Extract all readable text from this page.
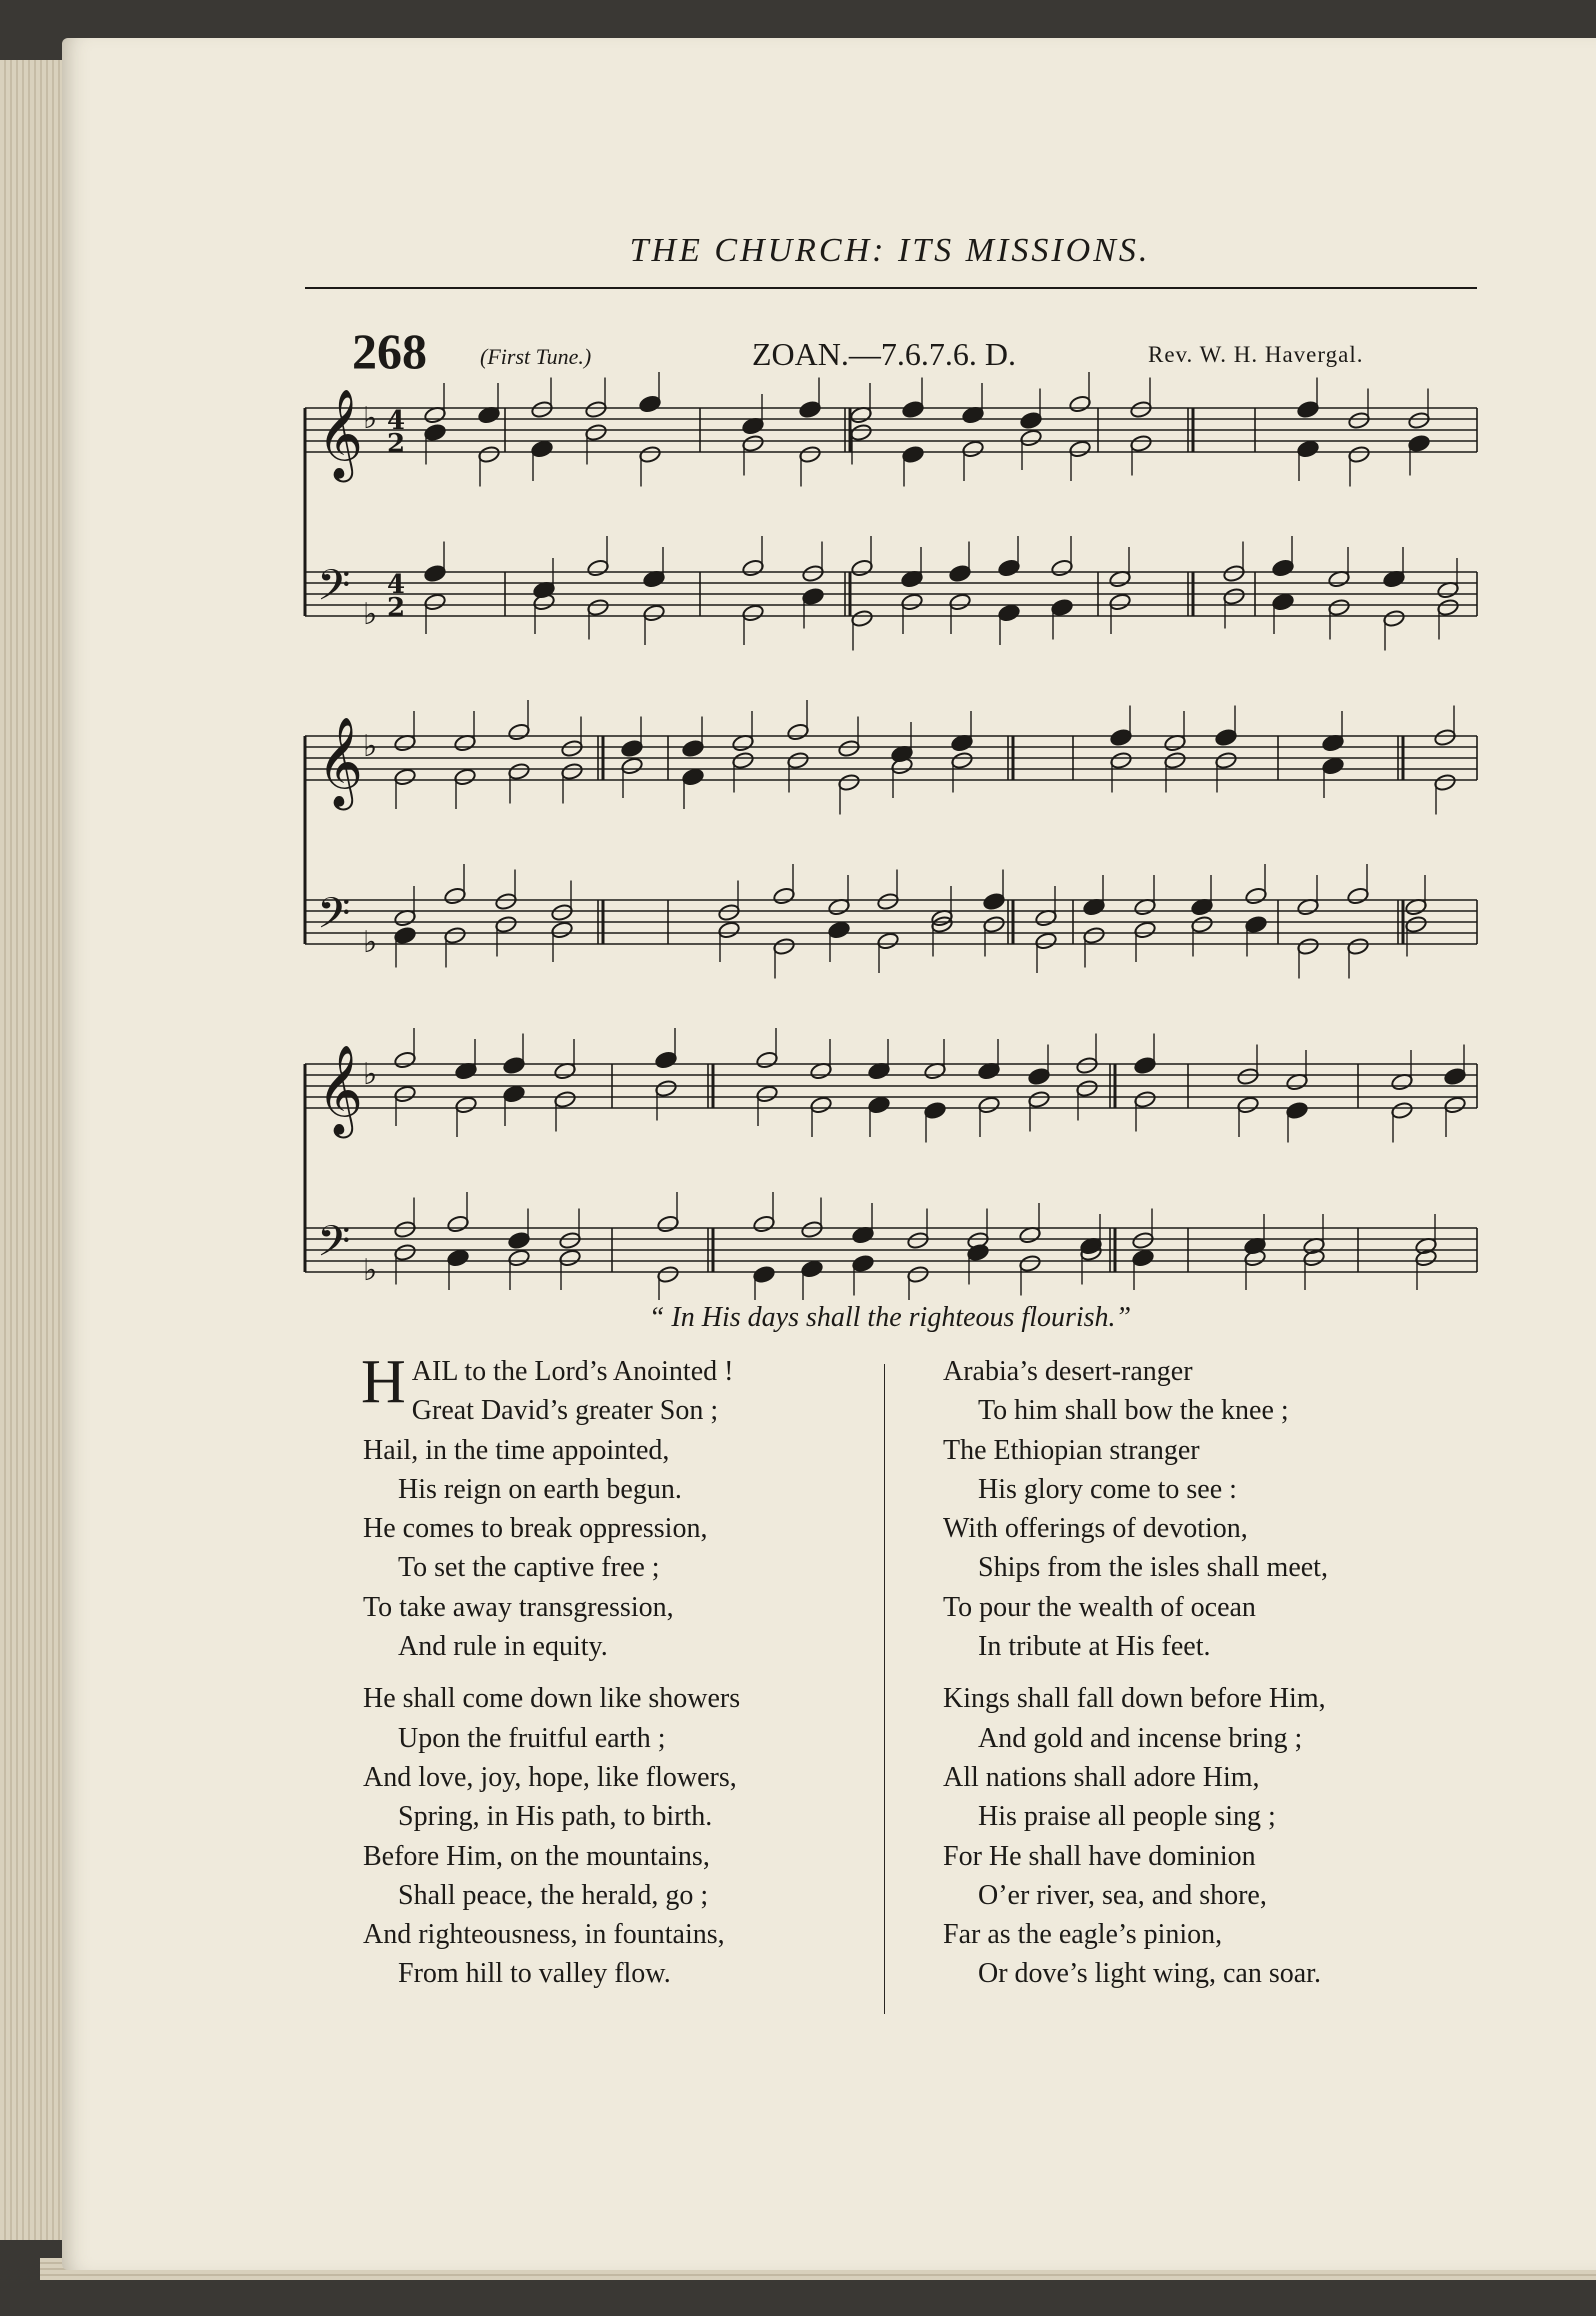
THE CHURCH: ITS MISSIONS.
268 (First Tune.)	ZOAN.—7.6.7.6. D.	Rev. W. H. Havergal.
𝄞 ♭ 4
2
𝄢 ♭
4
2
𝄞 ♭
𝄢 ♭
𝄞 ♭
𝄢 ♭
“ In His days shall the righteous flourish.”
HAIL to the Lord’s Anointed !
Great David’s greater Son ;
Hail, in the time appointed,
His reign on earth begun.
He comes to break oppression,
To set the captive free ;
To take away transgression,
And rule in equity.
He shall come down like showers
Upon the fruitful earth ;
And love, joy, hope, like flowers,
Spring, in His path, to birth.
Before Him, on the mountains,
Shall peace, the herald, go ;
And righteousness, in fountains,
From hill to valley flow.
Arabia’s desert-ranger
To him shall bow the knee ;
The Ethiopian stranger
His glory come to see :
With offerings of devotion,
Ships from the isles shall meet,
To pour the wealth of ocean
In tribute at His feet.
Kings shall fall down before Him,
And gold and incense bring ;
All nations shall adore Him,
His praise all people sing ;
For He shall have dominion
O’er river, sea, and shore,
Far as the eagle’s pinion,
Or dove’s light wing, can soar.
